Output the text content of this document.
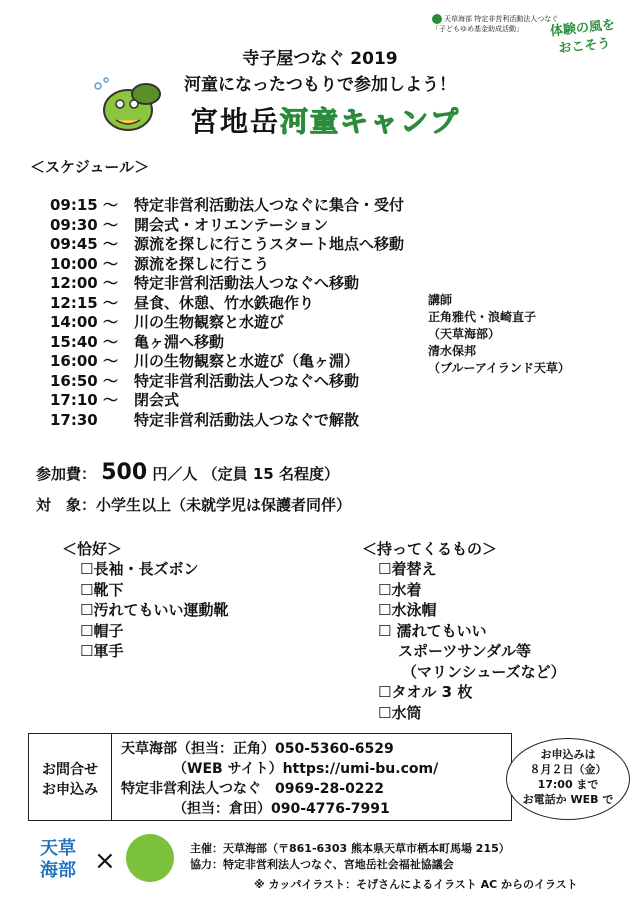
天草海部 特定非営利活動法人つなぐ
「子どもゆめ基金助成活動」	体験の風を
おこそう
寺子屋つなぐ 2019
河童になったつもりで参加しよう！
宮地岳河童キャンプ
＜スケジュール＞
09:15 ～ 特定非営利活動法人つなぐに集合・受付
09:30 ～ 開会式・オリエンテーション
09:45 ～ 源流を探しに行こうスタート地点へ移動
10:00 ～ 源流を探しに行こう
12:00 ～ 特定非営利活動法人つなぐへ移動
12:15 ～ 昼食、休憩、竹水鉄砲作り
14:00 ～ 川の生物観察と水遊び
15:40 ～ 亀ヶ淵へ移動
16:00 ～ 川の生物観察と水遊び（亀ヶ淵）
16:50 ～ 特定非営利活動法人つなぐへ移動
17:10 ～ 閉会式
17:30 特定非営利活動法人つなぐで解散
講師
正角雅代・浪崎直子
（天草海部）
清水保邦
（ブルーアイランド天草）
参加費： 500 円／人 （定員 15 名程度）
対　象：小学生以上（未就学児は保護者同伴）
＜恰好＞
☐長袖・長ズボン
☐靴下
☐汚れてもいい運動靴
☐帽子
☐軍手
＜持ってくるもの＞
☐着替え
☐水着
☐水泳帽
☐ 濡れてもいい
スポーツサンダル等
（マリンシューズなど）
☐タオル 3 枚
☐水筒
お問合せ
お申込み
天草海部（担当：正角）050-5360-6529
（WEB サイト）https://umi-bu.com/
特定非営利法人つなぐ　0969-28-0222
（担当：倉田）090-4776-7991
お申込みは
８月２日（金）
17:00 まで
お電話か WEB で
天草
海部 ×	主催：天草海部（〒861-6303 熊本県天草市栖本町馬場 215）
協力：特定非営利法人つなぐ、宮地岳社会福祉協議会
※ カッパイラスト：そげさんによるイラスト AC からのイラスト
